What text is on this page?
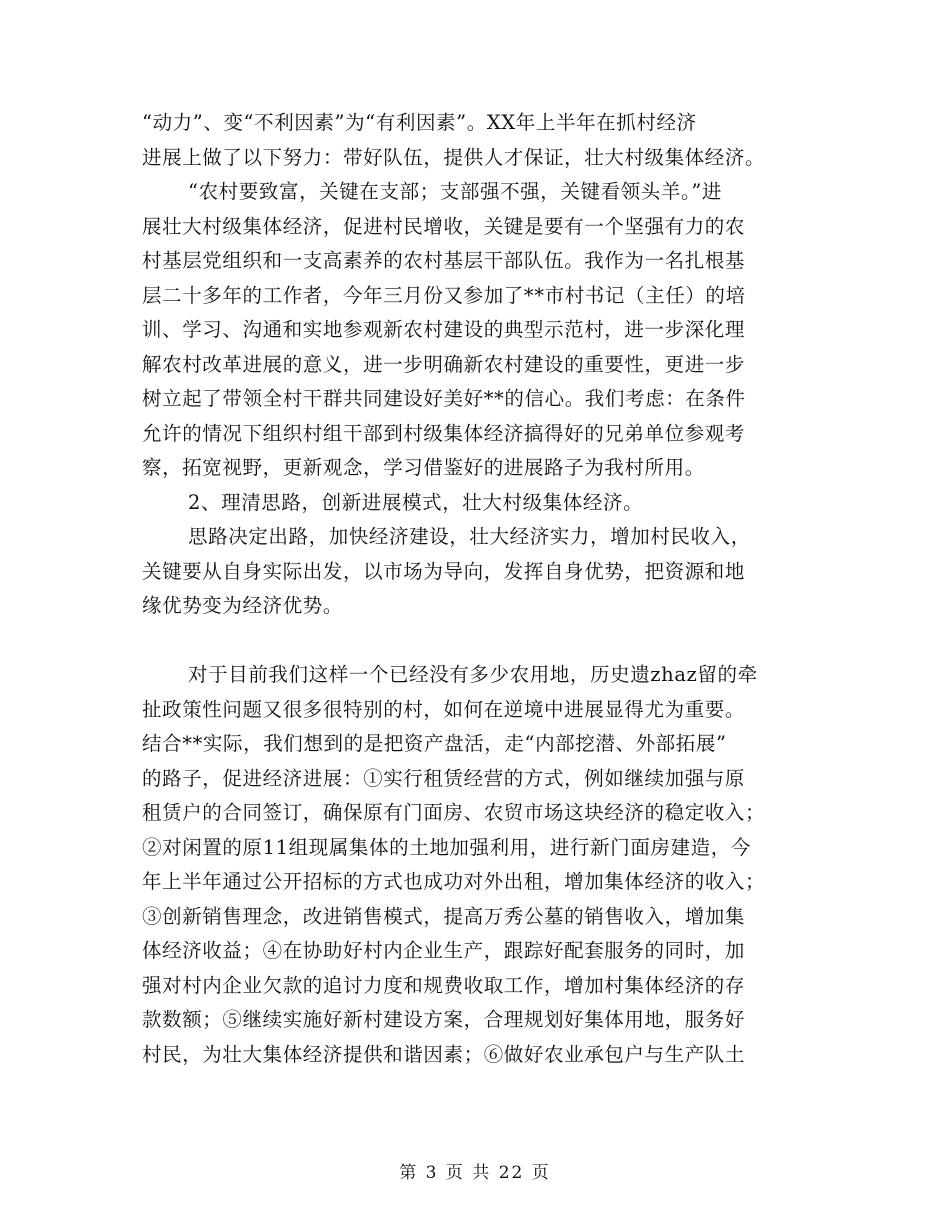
“动力”、变“不利因素”为“有利因素”。XX年上半年在抓村经济
进展上做了以下努力：带好队伍，提供人才保证，壮大村级集体经济。
“农村要致富，关键在支部；支部强不强，关键看领头羊。”进
展壮大村级集体经济，促进村民增收，关键是要有一个坚强有力的农
村基层党组织和一支高素养的农村基层干部队伍。我作为一名扎根基
层二十多年的工作者，今年三月份又参加了**市村书记（主任）的培
训、学习、沟通和实地参观新农村建设的典型示范村，进一步深化理
解农村改革进展的意义，进一步明确新农村建设的重要性，更进一步
树立起了带领全村干群共同建设好美好**的信心。我们考虑：在条件
允许的情况下组织村组干部到村级集体经济搞得好的兄弟单位参观考
察，拓宽视野，更新观念，学习借鉴好的进展路子为我村所用。
2、理清思路，创新进展模式，壮大村级集体经济。
思路决定出路，加快经济建设，壮大经济实力，增加村民收入，
关键要从自身实际出发，以市场为导向，发挥自身优势，把资源和地
缘优势变为经济优势。
对于目前我们这样一个已经没有多少农用地，历史遗zhaz留的牵
扯政策性问题又很多很特别的村，如何在逆境中进展显得尤为重要。
结合**实际，我们想到的是把资产盘活，走“内部挖潜、外部拓展”
的路子，促进经济进展：①实行租赁经营的方式，例如继续加强与原
租赁户的合同签订，确保原有门面房、农贸市场这块经济的稳定收入；
②对闲置的原11组现属集体的土地加强利用，进行新门面房建造，今
年上半年通过公开招标的方式也成功对外出租，增加集体经济的收入；
③创新销售理念，改进销售模式，提高万秀公墓的销售收入，增加集
体经济收益；④在协助好村内企业生产，跟踪好配套服务的同时，加
强对村内企业欠款的追讨力度和规费收取工作，增加村集体经济的存
款数额；⑤继续实施好新村建设方案，合理规划好集体用地，服务好
村民，为壮大集体经济提供和谐因素；⑥做好农业承包户与生产队土
第 3 页 共 22 页
